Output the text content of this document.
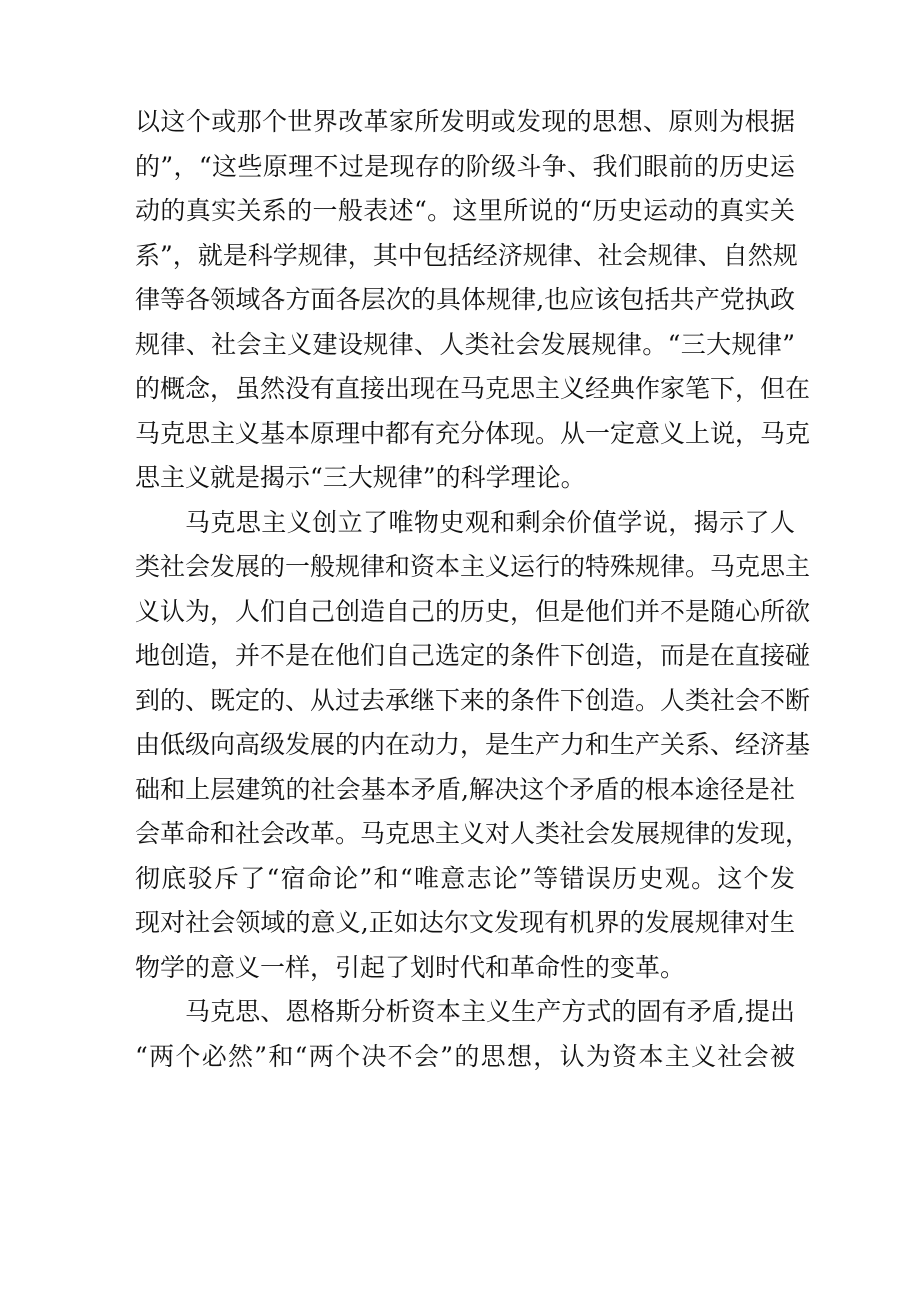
以这个或那个世界改革家所发明或发现的思想、原则为根据
的”，“这些原理不过是现存的阶级斗争、我们眼前的历史运
动的真实关系的一般表述“。这里所说的“历史运动的真实关
系”，就是科学规律，其中包括经济规律、社会规律、自然规
律等各领域各方面各层次的具体规律,也应该包括共产党执政
规律、社会主义建设规律、人类社会发展规律。“三大规律”
的概念，虽然没有直接出现在马克思主义经典作家笔下，但在
马克思主义基本原理中都有充分体现。从一定意义上说，马克
思主义就是揭示“三大规律”的科学理论。
马克思主义创立了唯物史观和剩余价值学说，揭示了人
类社会发展的一般规律和资本主义运行的特殊规律。马克思主
义认为，人们自己创造自己的历史，但是他们并不是随心所欲
地创造，并不是在他们自己选定的条件下创造，而是在直接碰
到的、既定的、从过去承继下来的条件下创造。人类社会不断
由低级向高级发展的内在动力，是生产力和生产关系、经济基
础和上层建筑的社会基本矛盾,解决这个矛盾的根本途径是社
会革命和社会改革。马克思主义对人类社会发展规律的发现，
彻底驳斥了“宿命论”和“唯意志论”等错误历史观。这个发
现对社会领域的意义,正如达尔文发现有机界的发展规律对生
物学的意义一样，引起了划时代和革命性的变革。
马克思、恩格斯分析资本主义生产方式的固有矛盾,提出
“两个必然”和“两个决不会”的思想，认为资本主义社会被
